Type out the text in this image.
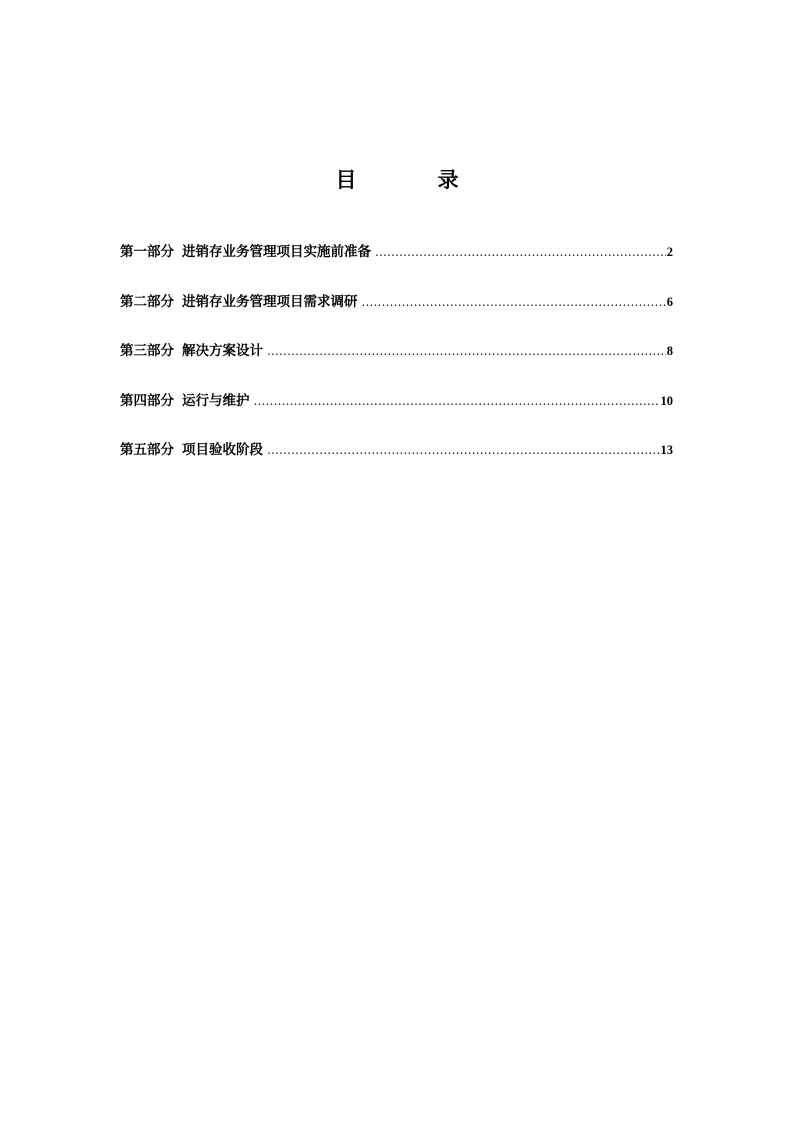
目　录
第一部分 进销存业务管理项目实施前准备 .....	2
第二部分 进销存业务管理项目需求调研 .....	6
第三部分 解决方案设计 .....	8
第四部分 运行与维护 .....	10
第五部分 项目验收阶段 .....	13
